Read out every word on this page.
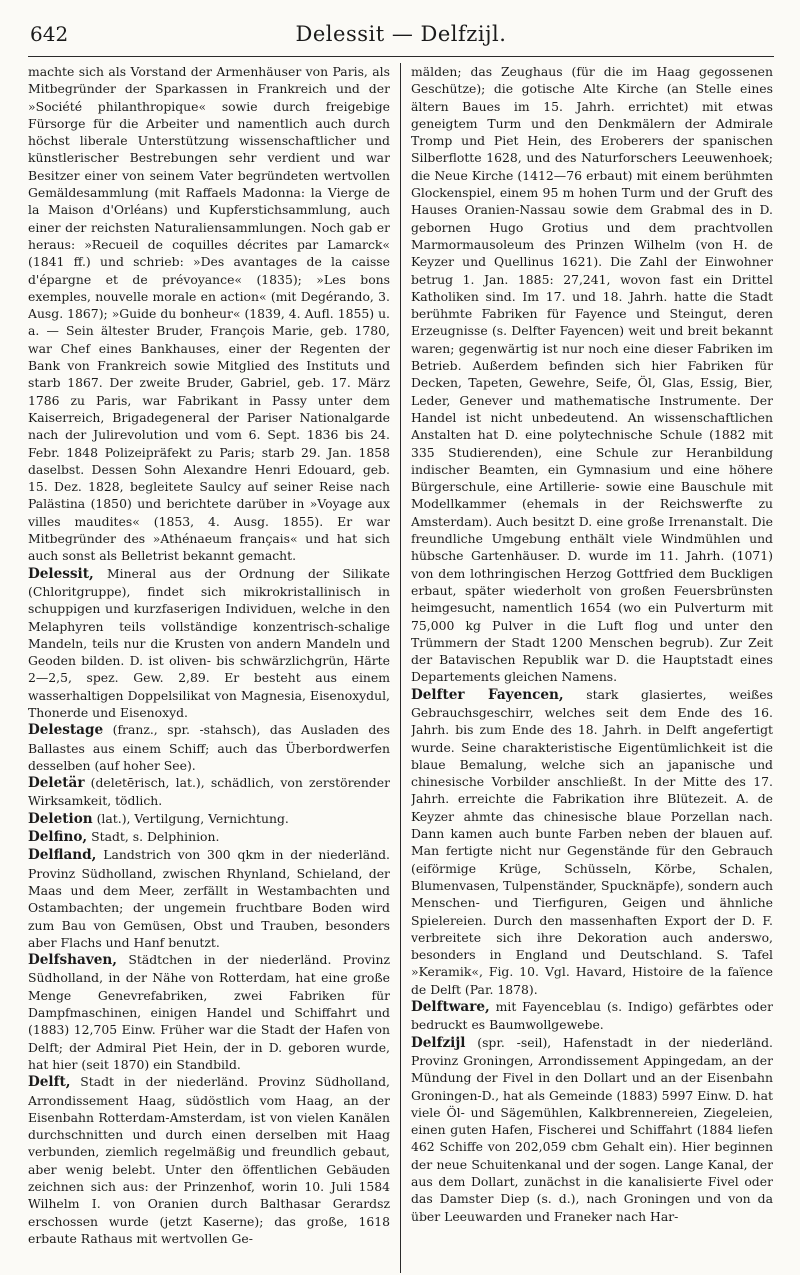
642	Delessit — Delfzijl.

machte sich als Vorstand der Armenhäuser von Paris, als Mitbegründer der Sparkassen in Frankreich und der »Société philanthropique« sowie durch freigebige Fürsorge für die Arbeiter und namentlich auch durch höchst liberale Unterstützung wissenschaftlicher und künstlerischer Bestrebungen sehr verdient und war Besitzer einer von seinem Vater begründeten wertvollen Gemäldesammlung (mit Raffaels Madonna: la Vierge de la Maison d'Orléans) und Kupferstichsammlung, auch einer der reichsten Naturaliensammlungen. Noch gab er heraus: »Recueil de coquilles décrites par Lamarck« (1841 ff.) und schrieb: »Des avantages de la caisse d'épargne et de prévoyance« (1835); »Les bons exemples, nouvelle morale en action« (mit Degérando, 3. Ausg. 1867); »Guide du bonheur« (1839, 4. Aufl. 1855) u. a. — Sein ältester Bruder, François Marie, geb. 1780, war Chef eines Bankhauses, einer der Regenten der Bank von Frankreich sowie Mitglied des Instituts und starb 1867. Der zweite Bruder, Gabriel, geb. 17. März 1786 zu Paris, war Fabrikant in Passy unter dem Kaiserreich, Brigadegeneral der Pariser Nationalgarde nach der Julirevolution und vom 6. Sept. 1836 bis 24. Febr. 1848 Polizeipräfekt zu Paris; starb 29. Jan. 1858 daselbst. Dessen Sohn Alexandre Henri Edouard, geb. 15. Dez. 1828, begleitete Saulcy auf seiner Reise nach Palästina (1850) und berichtete darüber in »Voyage aux villes maudites« (1853, 4. Ausg. 1855). Er war Mitbegründer des »Athénaeum français« und hat sich auch sonst als Belletrist bekannt gemacht.

Delessit, Mineral aus der Ordnung der Silikate (Chloritgruppe), findet sich mikrokristallinisch in schuppigen und kurzfaserigen Individuen, welche in den Melaphyren teils vollständige konzentrisch-schalige Mandeln, teils nur die Krusten von andern Mandeln und Geoden bilden. D. ist oliven- bis schwärzlichgrün, Härte 2—2,5, spez. Gew. 2,89. Er besteht aus einem wasserhaltigen Doppelsilikat von Magnesia, Eisenoxydul, Thonerde und Eisenoxyd.

Delestage (franz., spr. -stahsch), das Ausladen des Ballastes aus einem Schiff; auch das Überbordwerfen desselben (auf hoher See).

Deletär (deletērisch, lat.), schädlich, von zerstörender Wirksamkeit, tödlich.

Deletion (lat.), Vertilgung, Vernichtung.

Delfino, Stadt, s. Delphinion.

Delfland, Landstrich von 300 qkm in der niederländ. Provinz Südholland, zwischen Rhynland, Schieland, der Maas und dem Meer, zerfällt in Westambachten und Ostambachten; der ungemein fruchtbare Boden wird zum Bau von Gemüsen, Obst und Trauben, besonders aber Flachs und Hanf benutzt.

Delfshaven, Städtchen in der niederländ. Provinz Südholland, in der Nähe von Rotterdam, hat eine große Menge Genevrefabriken, zwei Fabriken für Dampfmaschinen, einigen Handel und Schiffahrt und (1883) 12,705 Einw. Früher war die Stadt der Hafen von Delft; der Admiral Piet Hein, der in D. geboren wurde, hat hier (seit 1870) ein Standbild.

Delft, Stadt in der niederländ. Provinz Südholland, Arrondissement Haag, südöstlich vom Haag, an der Eisenbahn Rotterdam-Amsterdam, ist von vielen Kanälen durchschnitten und durch einen derselben mit Haag verbunden, ziemlich regelmäßig und freundlich gebaut, aber wenig belebt. Unter den öffentlichen Gebäuden zeichnen sich aus: der Prinzenhof, worin 10. Juli 1584 Wilhelm I. von Oranien durch Balthasar Gerardsz erschossen wurde (jetzt Kaserne); das große, 1618 erbaute Rathaus mit wertvollen Ge-

mälden; das Zeughaus (für die im Haag gegossenen Geschütze); die gotische Alte Kirche (an Stelle eines ältern Baues im 15. Jahrh. errichtet) mit etwas geneigtem Turm und den Denkmälern der Admirale Tromp und Piet Hein, des Eroberers der spanischen Silberflotte 1628, und des Naturforschers Leeuwenhoek; die Neue Kirche (1412—76 erbaut) mit einem berühmten Glockenspiel, einem 95 m hohen Turm und der Gruft des Hauses Oranien-Nassau sowie dem Grabmal des in D. gebornen Hugo Grotius und dem prachtvollen Marmormausoleum des Prinzen Wilhelm (von H. de Keyzer und Quellinus 1621). Die Zahl der Einwohner betrug 1. Jan. 1885: 27,241, wovon fast ein Drittel Katholiken sind. Im 17. und 18. Jahrh. hatte die Stadt berühmte Fabriken für Fayence und Steingut, deren Erzeugnisse (s. Delfter Fayencen) weit und breit bekannt waren; gegenwärtig ist nur noch eine dieser Fabriken im Betrieb. Außerdem befinden sich hier Fabriken für Decken, Tapeten, Gewehre, Seife, Öl, Glas, Essig, Bier, Leder, Genever und mathematische Instrumente. Der Handel ist nicht unbedeutend. An wissenschaftlichen Anstalten hat D. eine polytechnische Schule (1882 mit 335 Studierenden), eine Schule zur Heranbildung indischer Beamten, ein Gymnasium und eine höhere Bürgerschule, eine Artillerie- sowie eine Bauschule mit Modellkammer (ehemals in der Reichswerfte zu Amsterdam). Auch besitzt D. eine große Irrenanstalt. Die freundliche Umgebung enthält viele Windmühlen und hübsche Gartenhäuser. D. wurde im 11. Jahrh. (1071) von dem lothringischen Herzog Gottfried dem Buckligen erbaut, später wiederholt von großen Feuersbrünsten heimgesucht, namentlich 1654 (wo ein Pulverturm mit 75,000 kg Pulver in die Luft flog und unter den Trümmern der Stadt 1200 Menschen begrub). Zur Zeit der Batavischen Republik war D. die Hauptstadt eines Departements gleichen Namens.

Delfter Fayencen, stark glasiertes, weißes Gebrauchsgeschirr, welches seit dem Ende des 16. Jahrh. bis zum Ende des 18. Jahrh. in Delft angefertigt wurde. Seine charakteristische Eigentümlichkeit ist die blaue Bemalung, welche sich an japanische und chinesische Vorbilder anschließt. In der Mitte des 17. Jahrh. erreichte die Fabrikation ihre Blütezeit. A. de Keyzer ahmte das chinesische blaue Porzellan nach. Dann kamen auch bunte Farben neben der blauen auf. Man fertigte nicht nur Gegenstände für den Gebrauch (eiförmige Krüge, Schüsseln, Körbe, Schalen, Blumenvasen, Tulpenständer, Spucknäpfe), sondern auch Menschen- und Tierfiguren, Geigen und ähnliche Spielereien. Durch den massenhaften Export der D. F. verbreitete sich ihre Dekoration auch anderswo, besonders in England und Deutschland. S. Tafel »Keramik«, Fig. 10. Vgl. Havard, Histoire de la faïence de Delft (Par. 1878).

Delftware, mit Fayenceblau (s. Indigo) gefärbtes oder bedruckt es Baumwollgewebe.

Delfzijl (spr. -seil), Hafenstadt in der niederländ. Provinz Groningen, Arrondissement Appingedam, an der Mündung der Fivel in den Dollart und an der Eisenbahn Groningen-D., hat als Gemeinde (1883) 5997 Einw. D. hat viele Öl- und Sägemühlen, Kalkbrennereien, Ziegeleien, einen guten Hafen, Fischerei und Schiffahrt (1884 liefen 462 Schiffe von 202,059 cbm Gehalt ein). Hier beginnen der neue Schuitenkanal und der sogen. Lange Kanal, der aus dem Dollart, zunächst in die kanalisierte Fivel oder das Damster Diep (s. d.), nach Groningen und von da über Leeuwarden und Franeker nach Har-
